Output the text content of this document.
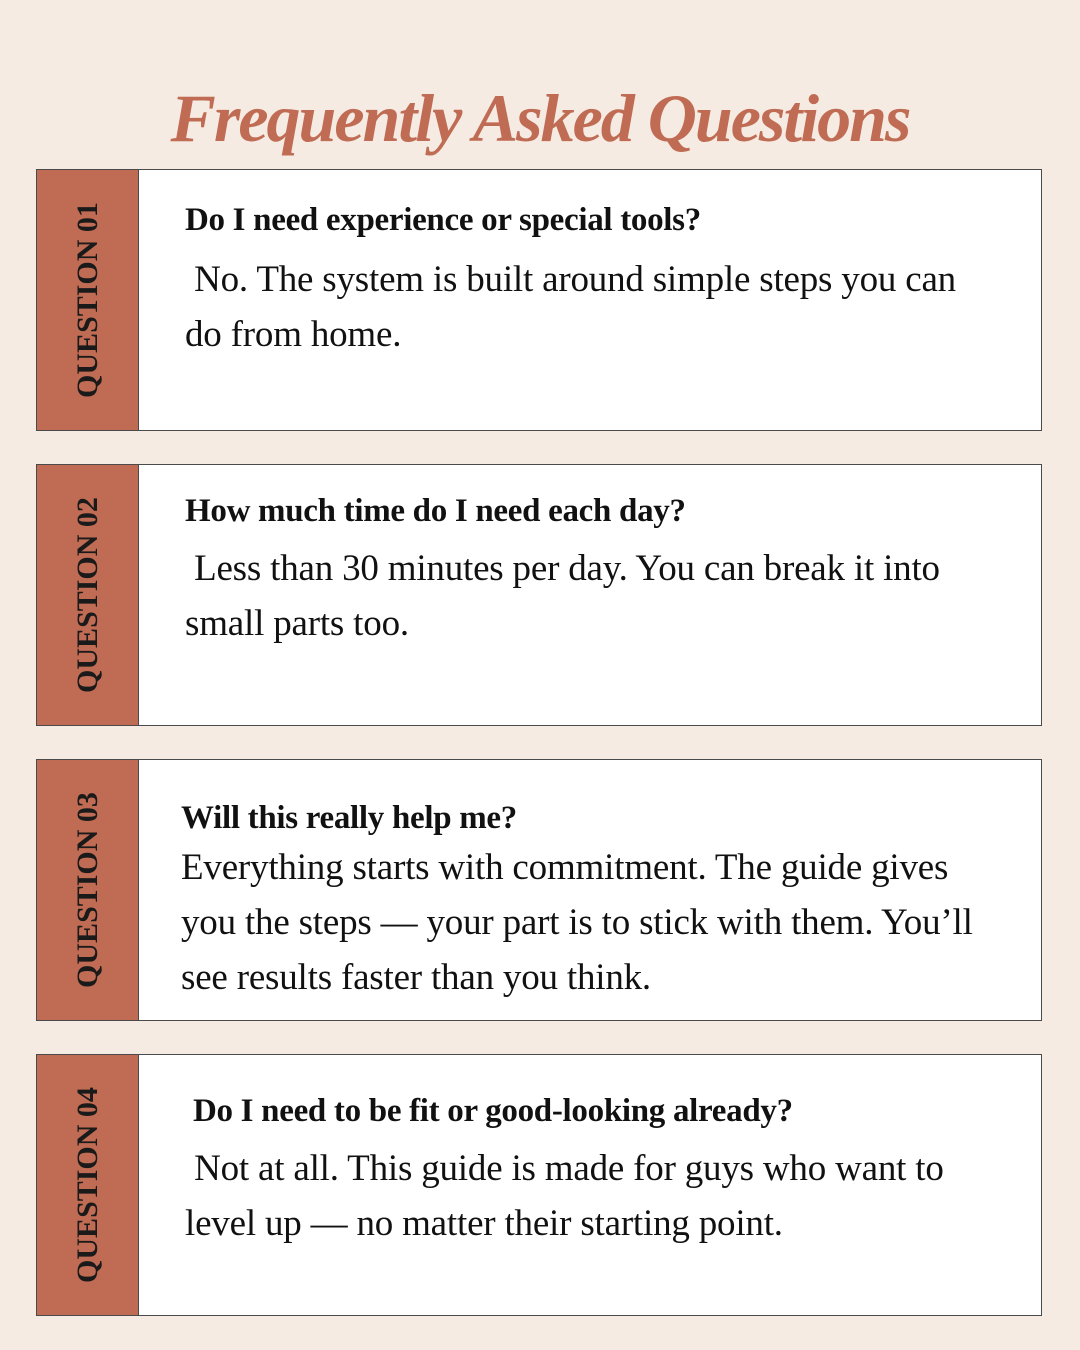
Frequently Asked Questions
QUESTION 01 Do I need experience or special tools?
No. The system is built around simple steps you can do from home.
QUESTION 02 How much time do I need each day?
Less than 30 minutes per day. You can break it into small parts too.
QUESTION 03 Will this really help me?
Everything starts with commitment. The guide gives you the steps — your part is to stick with them. You’ll see results faster than you think.
QUESTION 04	Do I need to be fit or good-looking already?
Not at all. This guide is made for guys who want to level up — no matter their starting point.
